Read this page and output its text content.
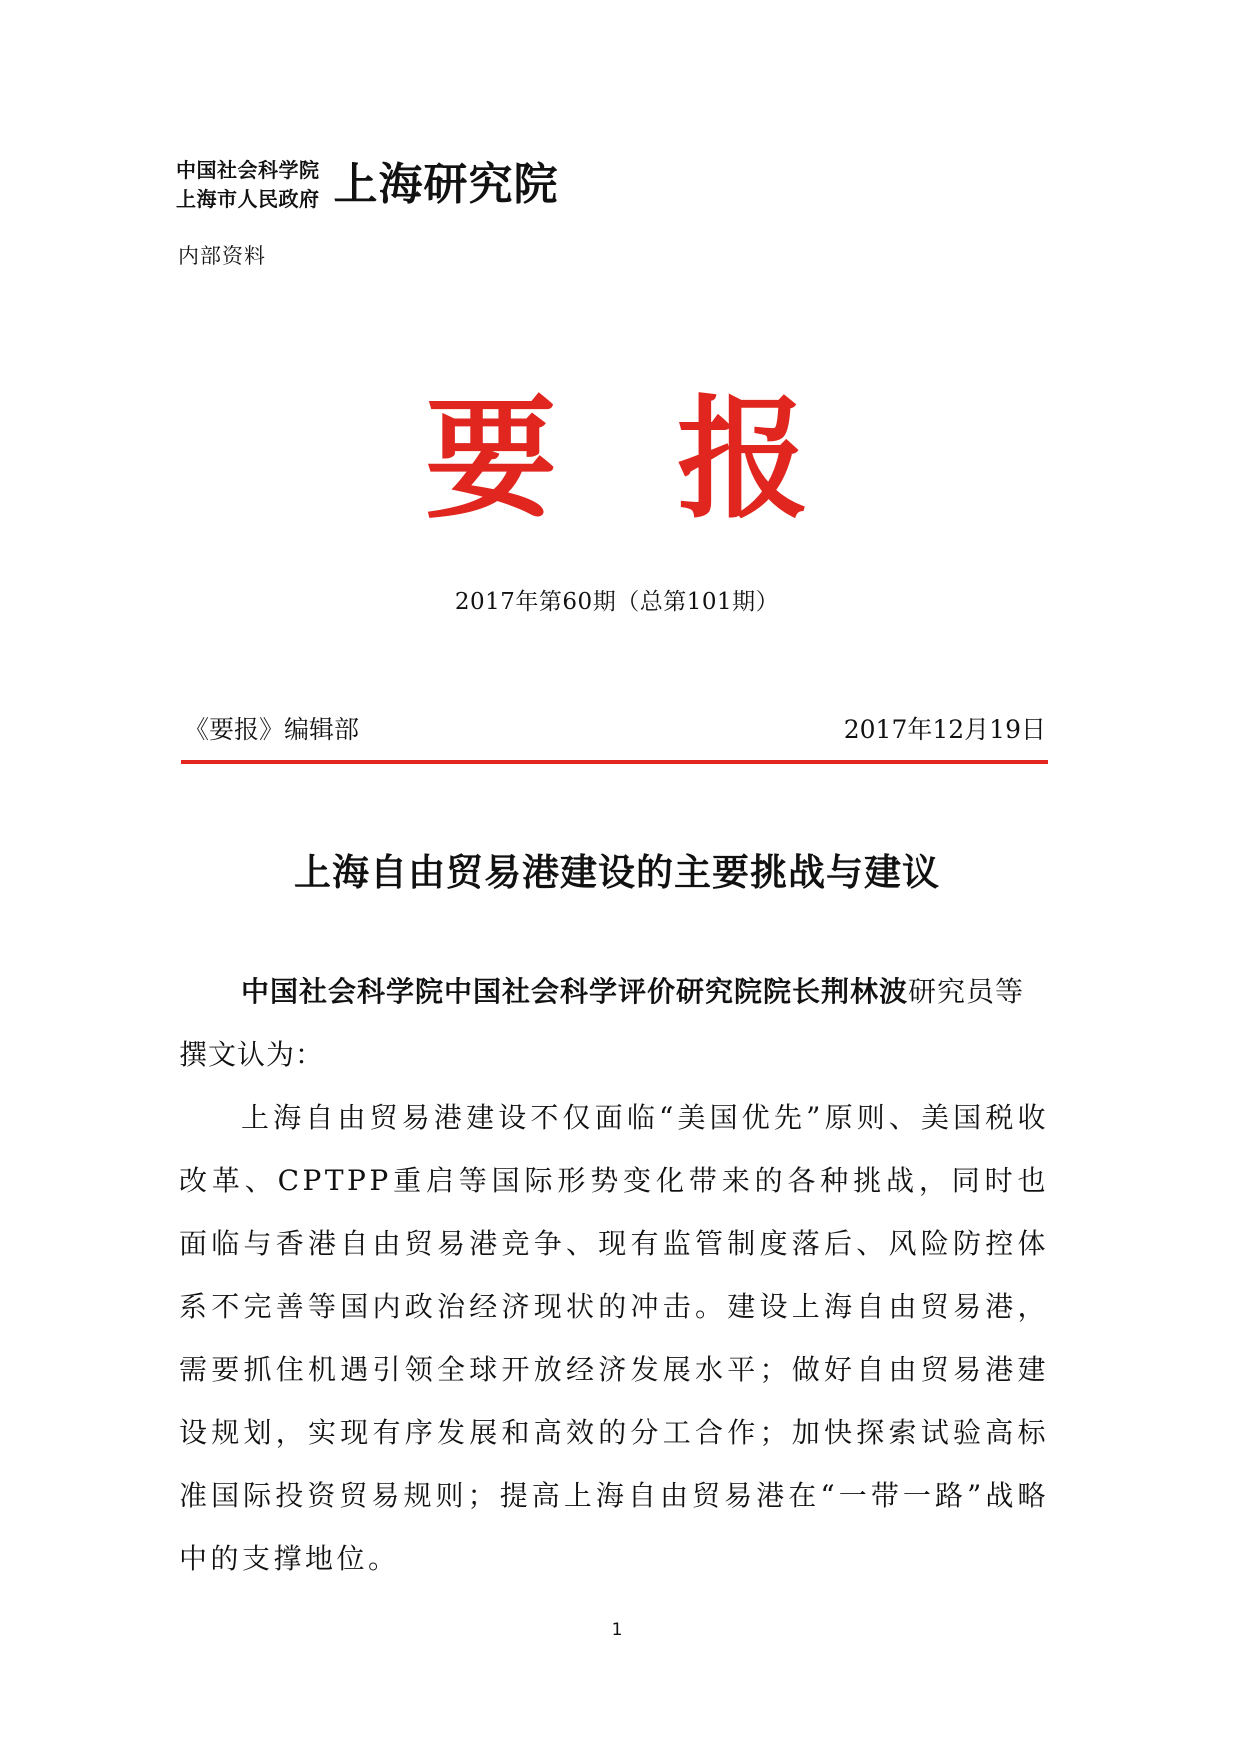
中国社会科学院
上海市人民政府 上海研究院
内部资料
要报
2017年第60期（总第101期）
《要报》编辑部	2017年12月19日
上海自由贸易港建设的主要挑战与建议

中国社会科学院中国社会科学评价研究院院长荆林波研究员等撰文认为：

上海自由贸易港建设不仅面临“美国优先”原则、美国税收改革、CPTPP重启等国际形势变化带来的各种挑战，同时也面临与香港自由贸易港竞争、现有监管制度落后、风险防控体系不完善等国内政治经济现状的冲击。建设上海自由贸易港，需要抓住机遇引领全球开放经济发展水平；做好自由贸易港建设规划，实现有序发展和高效的分工合作；加快探索试验高标准国际投资贸易规则；提高上海自由贸易港在“一带一路”战略中的支撑地位。

1
